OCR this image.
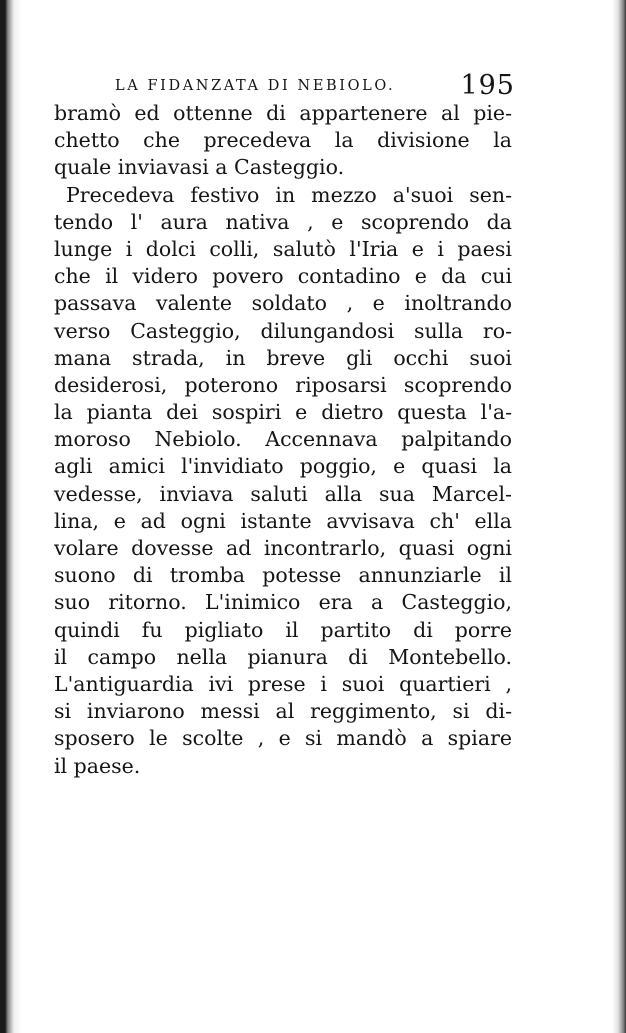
LA FIDANZATA DI NEBIOLO. 195
bramò ed ottenne di appartenere al pie-
chetto che precedeva la divisione la
quale inviavasi a Casteggio.
Precedeva festivo in mezzo a'suoi sen-
tendo l' aura nativa , e scoprendo da
lunge i dolci colli, salutò l'Iria e i paesi
che il videro povero contadino e da cui
passava valente soldato , e inoltrando
verso Casteggio, dilungandosi sulla ro-
mana strada, in breve gli occhi suoi
desiderosi, poterono riposarsi scoprendo
la pianta dei sospiri e dietro questa l'a-
moroso Nebiolo. Accennava palpitando
agli amici l'invidiato poggio, e quasi la
vedesse, inviava saluti alla sua Marcel-
lina, e ad ogni istante avvisava ch' ella
volare dovesse ad incontrarlo, quasi ogni
suono di tromba potesse annunziarle il
suo ritorno. L'inimico era a Casteggio,
quindi fu pigliato il partito di porre
il campo nella pianura di Montebello.
L'antiguardia ivi prese i suoi quartieri ,
si inviarono messi al reggimento, si di-
sposero le scolte , e si mandò a spiare
il paese.
